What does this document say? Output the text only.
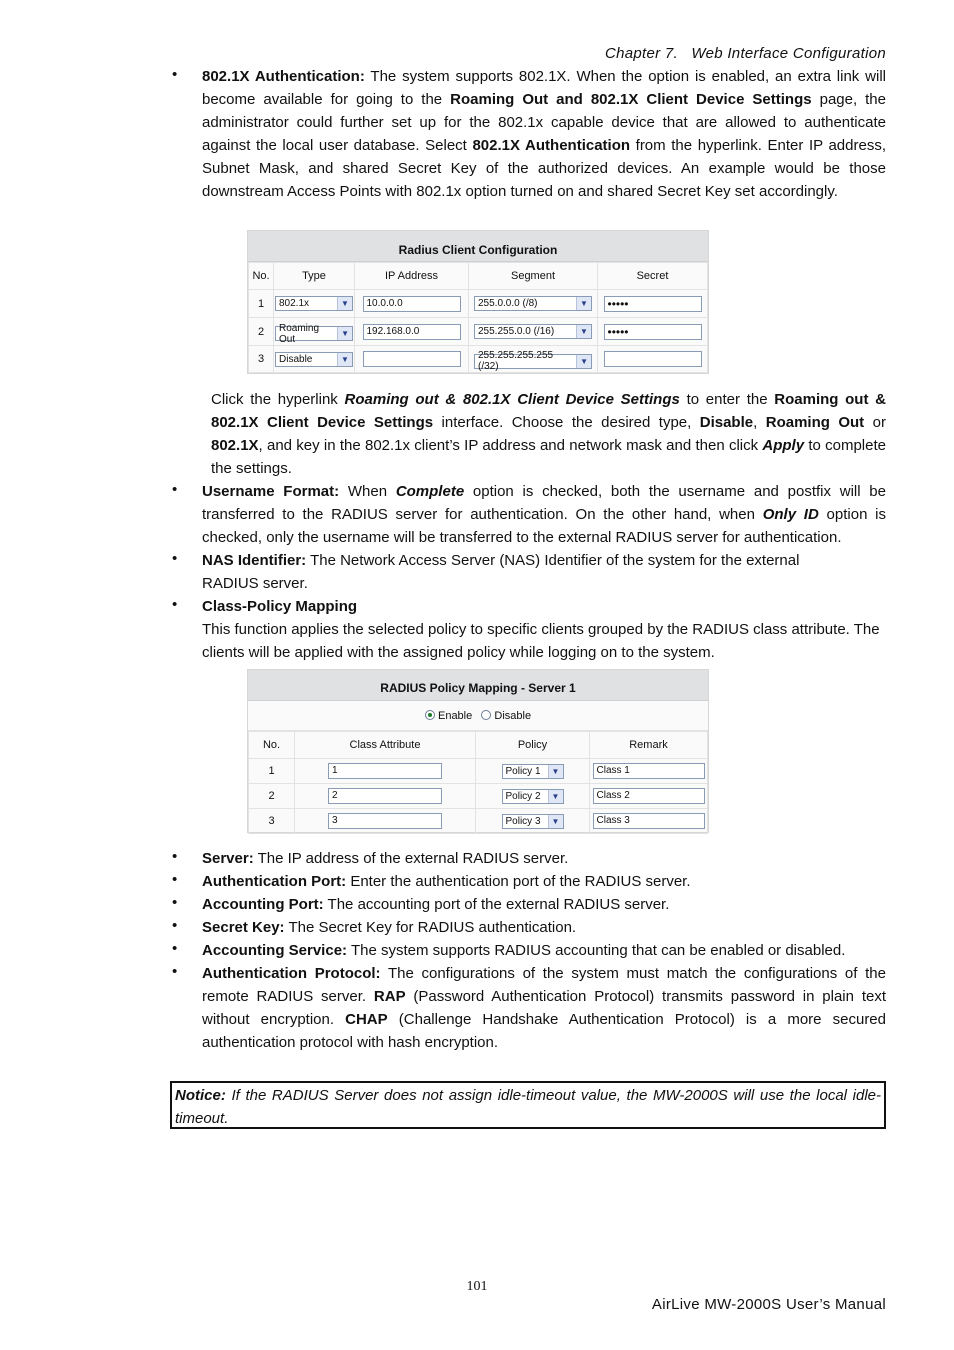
Chapter 7. Web Interface Configuration
• 802.1X Authentication: The system supports 802.1X. When the option is enabled, an extra link will become available for going to the Roaming Out and 802.1X Client Device Settings page, the administrator could further set up for the 802.1x capable device that are allowed to authenticate against the local user database. Select 802.1X Authentication from the hyperlink. Enter IP address, Subnet Mask, and shared Secret Key of the authorized devices. An example would be those downstream Access Points with 802.1x option turned on and shared Secret Key set accordingly.
Radius Client Configuration
No.	Type	IP Address	Segment	Secret
1	802.1x ▼	10.0.0.0	255.0.0.0 (/8) ▼	•••••
2	Roaming Out ▼	192.168.0.0	255.255.0.0 (/16) ▼	•••••
3	Disable ▼		255.255.255.255 (/32) ▼	

Click the hyperlink Roaming out & 802.1X Client Device Settings to enter the Roaming out & 802.1X Client Device Settings interface. Choose the desired type, Disable, Roaming Out or 802.1X, and key in the 802.1x client’s IP address and network mask and then click Apply to complete the settings.
• Username Format: When Complete option is checked, both the username and postfix will be transferred to the RADIUS server for authentication. On the other hand, when Only ID option is checked, only the username will be transferred to the external RADIUS server for authentication.
• NAS Identifier: The Network Access Server (NAS) Identifier of the system for the external RADIUS server.
• Class-Policy Mapping
This function applies the selected policy to specific clients grouped by the RADIUS class attribute. The clients will be applied with the assigned policy while logging on to the system.
RADIUS Policy Mapping - Server 1
Enable Disable
No.	Class Attribute	Policy	Remark
1	1	Policy 1 ▼	Class 1
2	2	Policy 2 ▼	Class 2
3	3	Policy 3 ▼	Class 3
• Server: The IP address of the external RADIUS server.
• Authentication Port: Enter the authentication port of the RADIUS server.
• Accounting Port: The accounting port of the external RADIUS server.
• Secret Key: The Secret Key for RADIUS authentication.
• Accounting Service: The system supports RADIUS accounting that can be enabled or disabled.
• Authentication Protocol: The configurations of the system must match the configurations of the remote RADIUS server. RAP (Password Authentication Protocol) transmits password in plain text without encryption. CHAP (Challenge Handshake Authentication Protocol) is a more secured authentication protocol with hash encryption.
Notice: If the RADIUS Server does not assign idle-timeout value, the MW-2000S will use the local idle-timeout.
101
AirLive MW-2000S User’s Manual
